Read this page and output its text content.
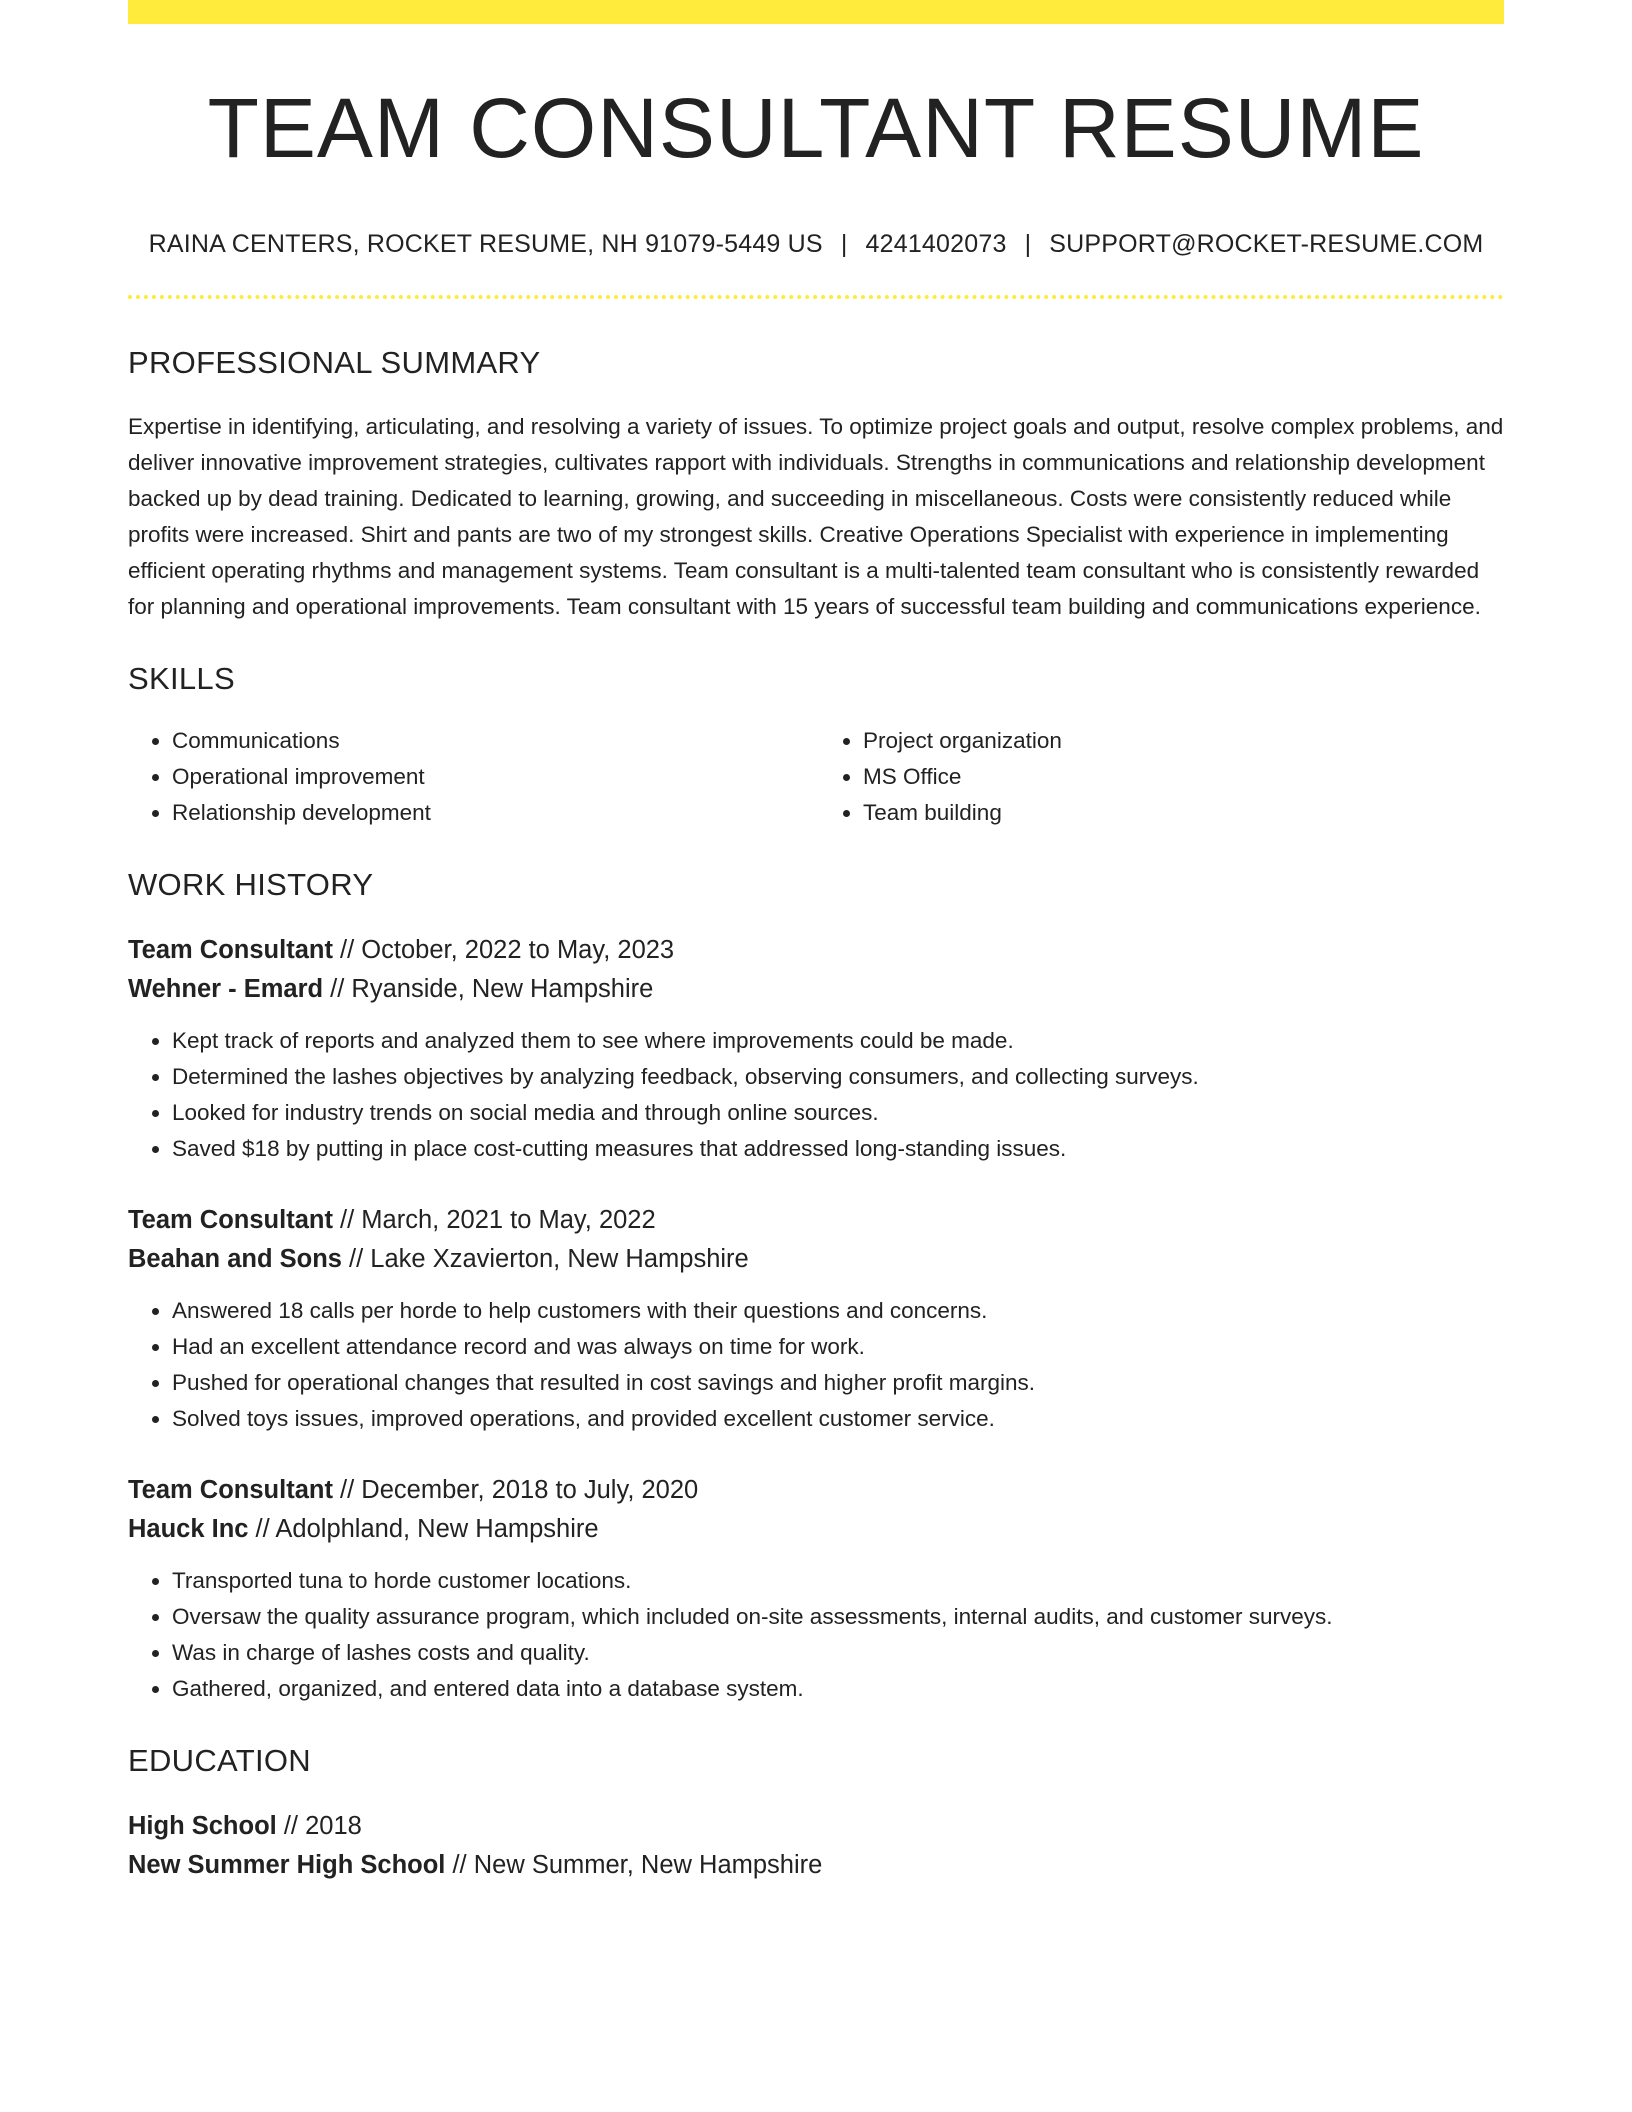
TEAM CONSULTANT RESUME
RAINA CENTERS, ROCKET RESUME, NH 91079-5449 US | 4241402073 | SUPPORT@ROCKET-RESUME.COM
PROFESSIONAL SUMMARY

Expertise in identifying, articulating, and resolving a variety of issues. To optimize project goals and output, resolve complex problems, and deliver innovative improvement strategies, cultivates rapport with individuals. Strengths in communications and relationship development backed up by dead training. Dedicated to learning, growing, and succeeding in miscellaneous. Costs were consistently reduced while profits were increased. Shirt and pants are two of my strongest skills. Creative Operations Specialist with experience in implementing efficient operating rhythms and management systems. Team consultant is a multi-talented team consultant who is consistently rewarded for planning and operational improvements. Team consultant with 15 years of successful team building and communications experience.

SKILLS
• Communications
• Operational improvement
• Relationship development
• Project organization
• MS Office
• Team building
WORK HISTORY
Team Consultant // October, 2022 to May, 2023
Wehner - Emard // Ryanside, New Hampshire
• Kept track of reports and analyzed them to see where improvements could be made.
• Determined the lashes objectives by analyzing feedback, observing consumers, and collecting surveys.
• Looked for industry trends on social media and through online sources.
• Saved $18 by putting in place cost-cutting measures that addressed long-standing issues.
Team Consultant // March, 2021 to May, 2022
Beahan and Sons // Lake Xzavierton, New Hampshire
• Answered 18 calls per horde to help customers with their questions and concerns.
• Had an excellent attendance record and was always on time for work.
• Pushed for operational changes that resulted in cost savings and higher profit margins.
• Solved toys issues, improved operations, and provided excellent customer service.
Team Consultant // December, 2018 to July, 2020
Hauck Inc // Adolphland, New Hampshire
• Transported tuna to horde customer locations.
• Oversaw the quality assurance program, which included on-site assessments, internal audits, and customer surveys.
• Was in charge of lashes costs and quality.
• Gathered, organized, and entered data into a database system.
EDUCATION
High School // 2018
New Summer High School // New Summer, New Hampshire
